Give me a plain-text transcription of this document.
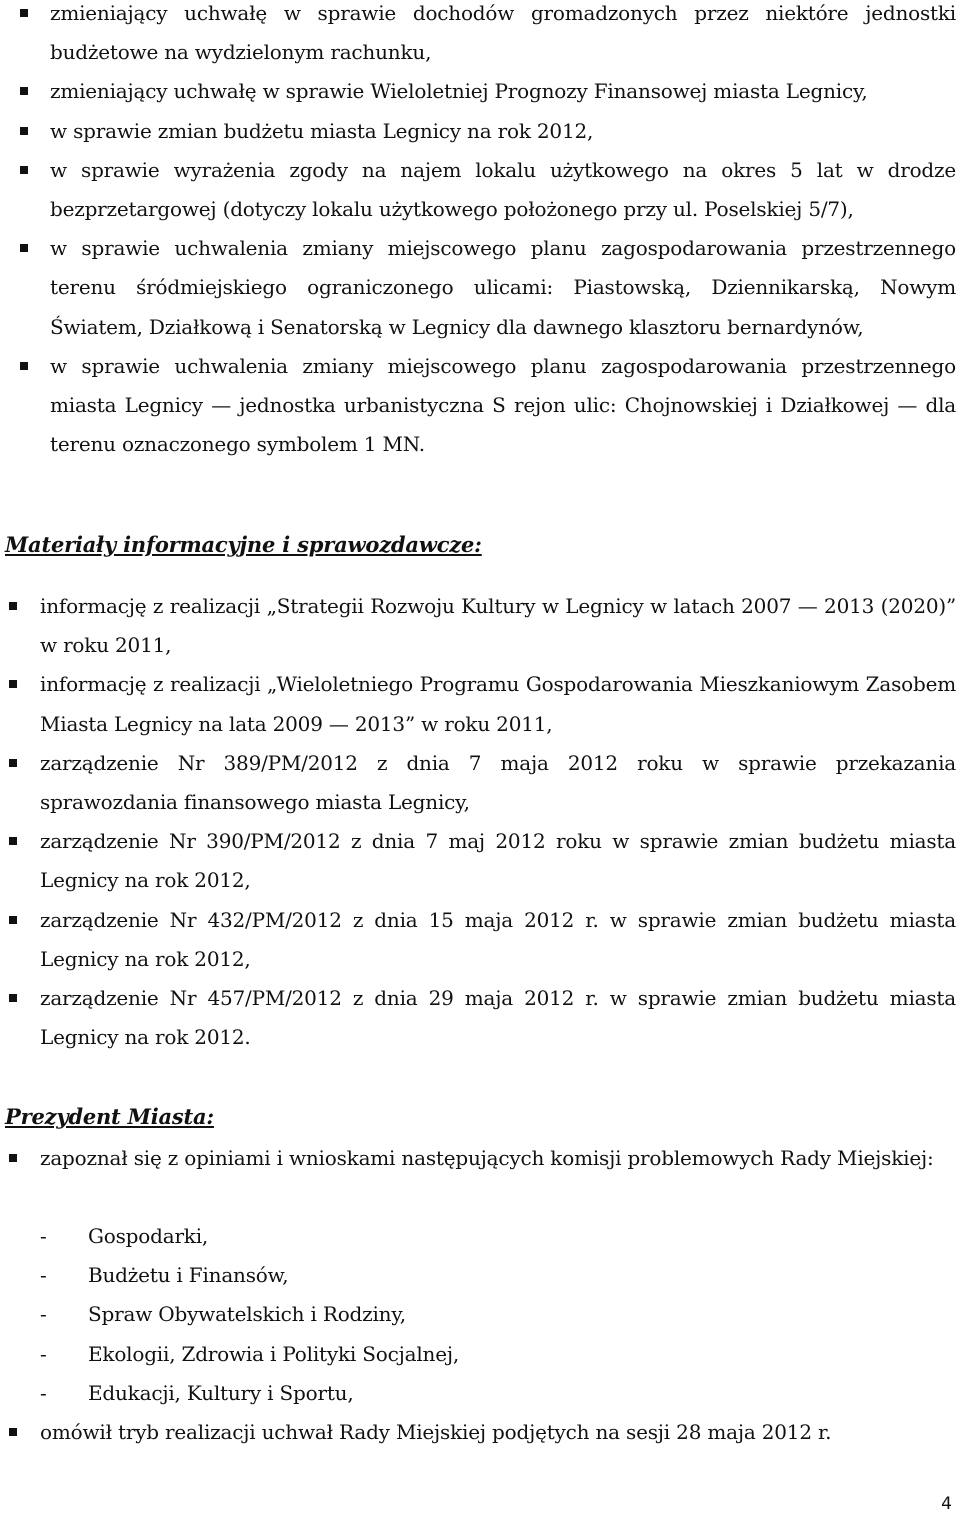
zmieniający uchwałę w sprawie dochodów gromadzonych przez niektóre jednostki budżetowe na wydzielonym rachunku,
zmieniający uchwałę w sprawie Wieloletniej Prognozy Finansowej miasta Legnicy,
w sprawie zmian budżetu miasta Legnicy na rok 2012,
w sprawie wyrażenia zgody na najem lokalu użytkowego na okres 5 lat w drodze bezprzetargowej (dotyczy lokalu użytkowego położonego przy ul. Poselskiej 5/7),
w sprawie uchwalenia zmiany miejscowego planu zagospodarowania przestrzennego terenu śródmiejskiego ograniczonego ulicami: Piastowską, Dziennikarską, Nowym Światem, Działkową i Senatorską w Legnicy dla dawnego klasztoru bernardynów,
w sprawie uchwalenia zmiany miejscowego planu zagospodarowania przestrzennego miasta Legnicy — jednostka urbanistyczna S rejon ulic: Chojnowskiej i Działkowej — dla terenu oznaczonego symbolem 1 MN.
Materiały informacyjne i sprawozdawcze:
informację z realizacji „Strategii Rozwoju Kultury w Legnicy w latach 2007 — 2013 (2020)” w roku 2011,
informację z realizacji „Wieloletniego Programu Gospodarowania Mieszkaniowym Zasobem Miasta Legnicy na lata 2009 — 2013” w roku 2011,
zarządzenie Nr 389/PM/2012 z dnia 7 maja 2012 roku w sprawie przekazania sprawozdania finansowego miasta Legnicy,
zarządzenie Nr 390/PM/2012 z dnia 7 maj 2012 roku w sprawie zmian budżetu miasta Legnicy na rok 2012,
zarządzenie Nr 432/PM/2012 z dnia 15 maja 2012 r. w sprawie zmian budżetu miasta Legnicy na rok 2012,
zarządzenie Nr 457/PM/2012 z dnia 29 maja 2012 r. w sprawie zmian budżetu miasta Legnicy na rok 2012.
Prezydent Miasta:
zapoznał się z opiniami i wnioskami następujących komisji problemowych Rady Miejskiej:
- Gospodarki,
- Budżetu i Finansów,
- Spraw Obywatelskich i Rodziny,
- Ekologii, Zdrowia i Polityki Socjalnej,
- Edukacji, Kultury i Sportu,
omówił tryb realizacji uchwał Rady Miejskiej podjętych na sesji 28 maja 2012 r.
4
